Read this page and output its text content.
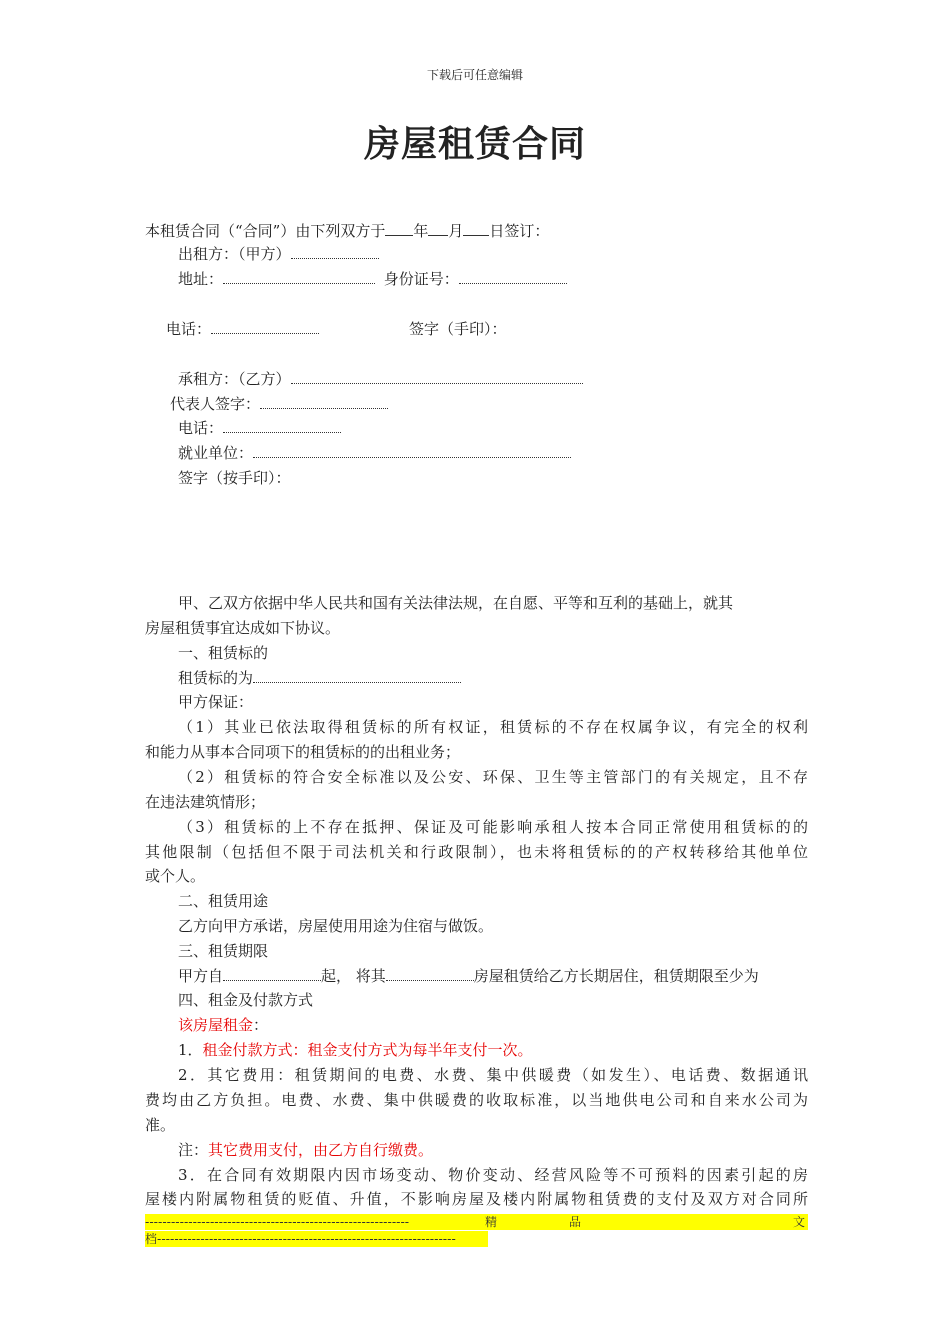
下载后可任意编辑
房屋租赁合同
本租赁合同（“合同”）由下列双方于 年 月 日签订：
出租方：（甲方）
地址：	身份证号：
电话：	签字（手印）：
承租方：（乙方）
代表人签字：
电话：
就业单位：
签字（按手印）：
甲、乙双方依据中华人民共和国有关法律法规，在自愿、平等和互利的基础上，就其
房屋租赁事宜达成如下协议。
一、租赁标的
租赁标的为
甲方保证：
（1）其业已依法取得租赁标的所有权证，租赁标的不存在权属争议，有完全的权利
和能力从事本合同项下的租赁标的的出租业务；
（2）租赁标的符合安全标准以及公安、环保、卫生等主管部门的有关规定，且不存
在违法建筑情形；
（3）租赁标的上不存在抵押、保证及可能影响承租人按本合同正常使用租赁标的的
其他限制（包括但不限于司法机关和行政限制），也未将租赁标的的产权转移给其他单位
或个人。
二、租赁用途
乙方向甲方承诺，房屋使用用途为住宿与做饭。
三、租赁期限
甲方自	起， 将其	房屋租赁给乙方长期居住，租赁期限至少为
四、租金及付款方式
该房屋租金：
1．租金付款方式：租金支付方式为每半年支付一次。
2．其它费用：租赁期间的电费、水费、集中供暖费（如发生）、电话费、数据通讯
费均由乙方负担。电费、水费、集中供暖费的收取标准，以当地供电公司和自来水公司为
准。
注：其它费用支付，由乙方自行缴费。
3．在合同有效期限内因市场变动、物价变动、经营风险等不可预料的因素引起的房
屋楼内附属物租赁的贬值、升值，不影响房屋及楼内附属物租赁费的支付及双方对合同所
-------------------------------------------------------------	精	品	文
档---------------------------------------------------------------------
